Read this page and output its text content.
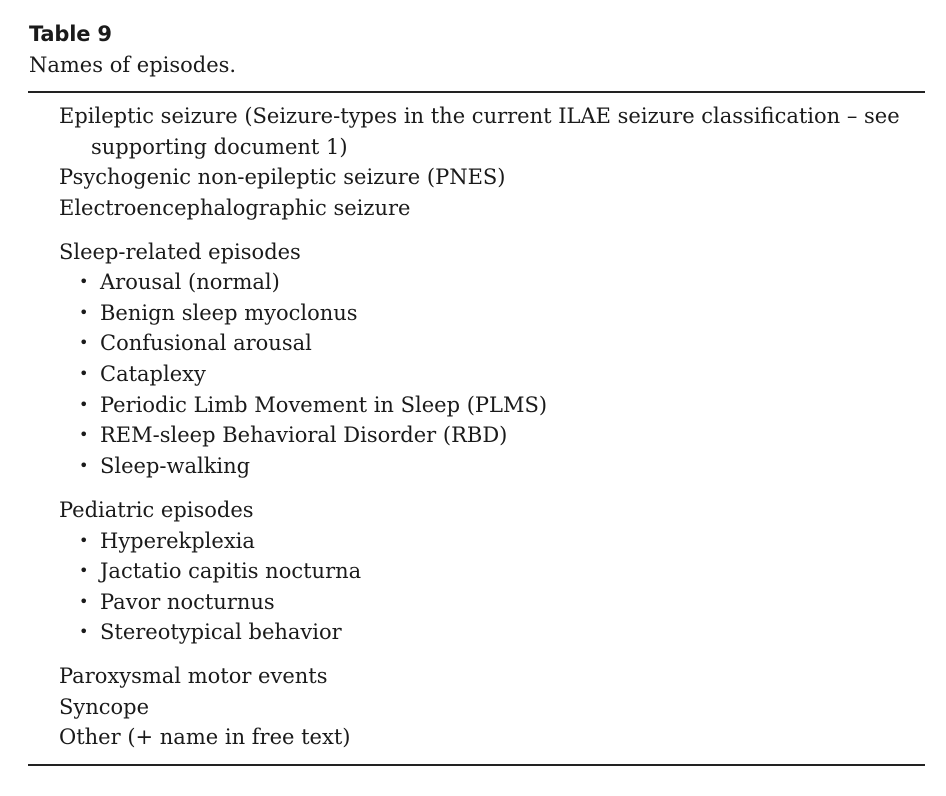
Table 9
Names of episodes.
Epileptic seizure (Seizure-types in the current ILAE seizure classification – see
supporting document 1)
Psychogenic non-epileptic seizure (PNES)
Electroencephalographic seizure
Sleep-related episodes
• Arousal (normal)
• Benign sleep myoclonus
• Confusional arousal
• Cataplexy
• Periodic Limb Movement in Sleep (PLMS)
• REM-sleep Behavioral Disorder (RBD)
• Sleep-walking
Pediatric episodes
• Hyperekplexia
• Jactatio capitis nocturna
• Pavor nocturnus
• Stereotypical behavior
Paroxysmal motor events
Syncope
Other (+ name in free text)
